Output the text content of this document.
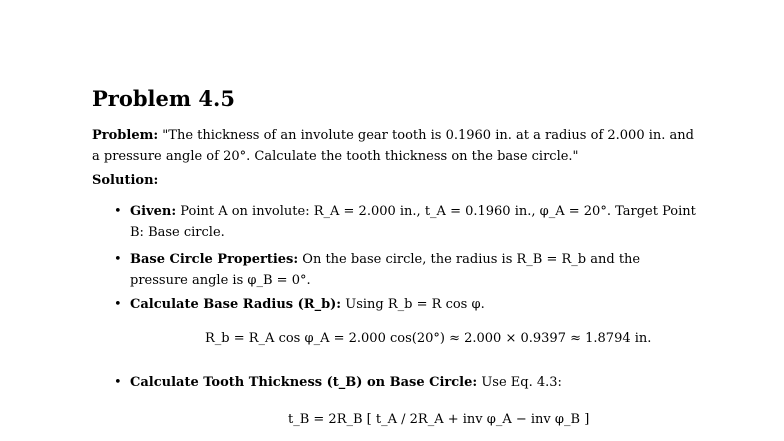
Problem 4.5
Problem: "The thickness of an involute gear tooth is 0.1960 in. at a radius of 2.000 in. and a pressure angle of 20°. Calculate the tooth thickness on the base circle."
Solution:
• Given: Point A on involute: R_A = 2.000 in., t_A = 0.1960 in., φ_A = 20°. Target Point B: Base circle.
• Base Circle Properties: On the base circle, the radius is R_B = R_b and the pressure angle is φ_B = 0°.
• Calculate Base Radius (R_b): Using R_b = R cos φ.
R_b = R_A cos φ_A = 2.000 cos(20°) ≈ 2.000 × 0.9397 ≈ 1.8794 in.
• Calculate Tooth Thickness (t_B) on Base Circle: Use Eq. 4.3:
t_B = 2R_B [ t_A / 2R_A + inv φ_A − inv φ_B ]
